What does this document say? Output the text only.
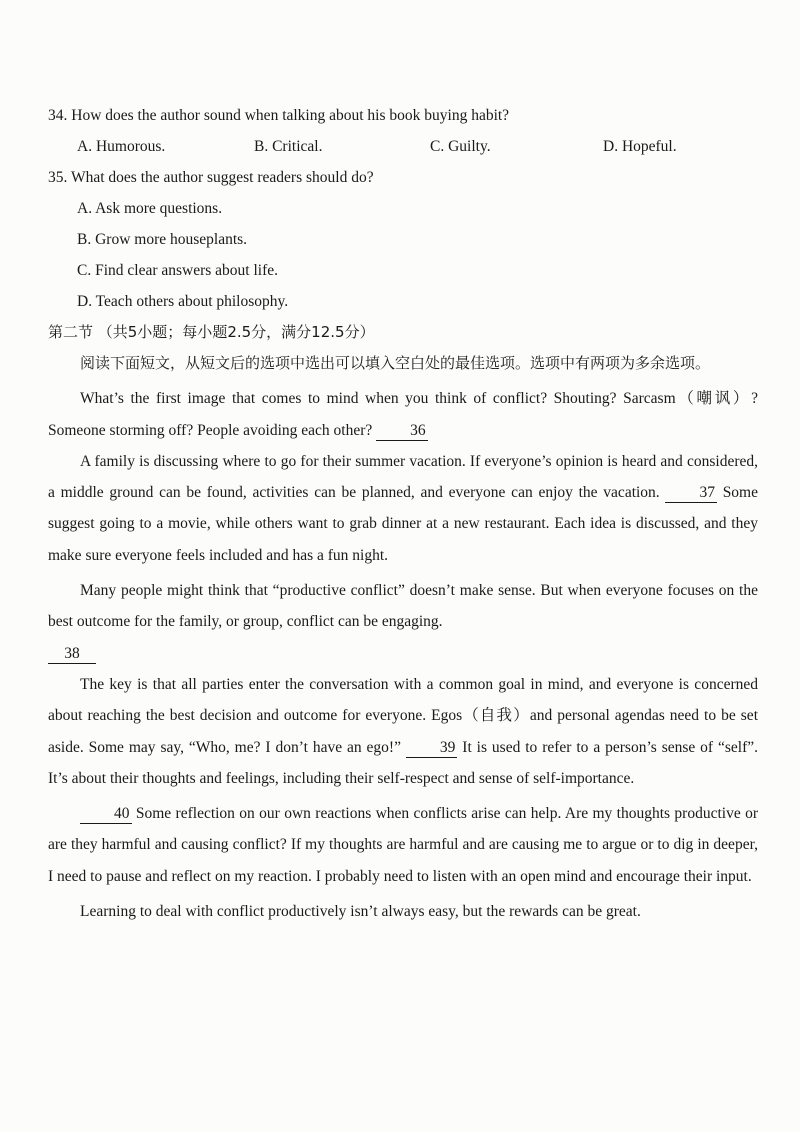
34. How does the author sound when talking about his book buying habit?

A. Humorous.	B. Critical.	C. Guilty.	D. Hopeful.

35. What does the author suggest readers should do?

A. Ask more questions.

B. Grow more houseplants.

C. Find clear answers about life.

D. Teach others about philosophy.

第二节 （共5小题；每小题2.5分，满分12.5分）

阅读下面短文，从短文后的选项中选出可以填入空白处的最佳选项。选项中有两项为多余选项。

What’s the first image that comes to mind when you think of conflict? Shouting? Sarcasm（嘲讽）? Someone storming off? People avoiding each other? 36

A family is discussing where to go for their summer vacation. If everyone’s opinion is heard and considered, a middle ground can be found, activities can be planned, and everyone can enjoy the vacation.	37 Some suggest going to a movie, while others want to grab dinner at a new restaurant. Each idea is discussed, and they make sure everyone feels included and has a fun night.

Many people might think that “productive conflict” doesn’t make sense. But when everyone focuses on the best outcome for the family, or group, conflict can be engaging.

38

The key is that all parties enter the conversation with a common goal in mind, and everyone is concerned about reaching the best decision and outcome for everyone. Egos（自我）and personal agendas need to be set aside. Some may say, “Who, me? I don’t have an ego!”	39 It is used to refer to a person’s sense of “self”. It’s about their thoughts and feelings, including their self-respect and sense of self-importance.

40 Some reflection on our own reactions when conflicts arise can help. Are my thoughts productive or are they harmful and causing conflict? If my thoughts are harmful and are causing me to argue or to dig in deeper, I need to pause and reflect on my reaction. I probably need to listen with an open mind and encourage their input.

Learning to deal with conflict productively isn’t always easy, but the rewards can be great.
